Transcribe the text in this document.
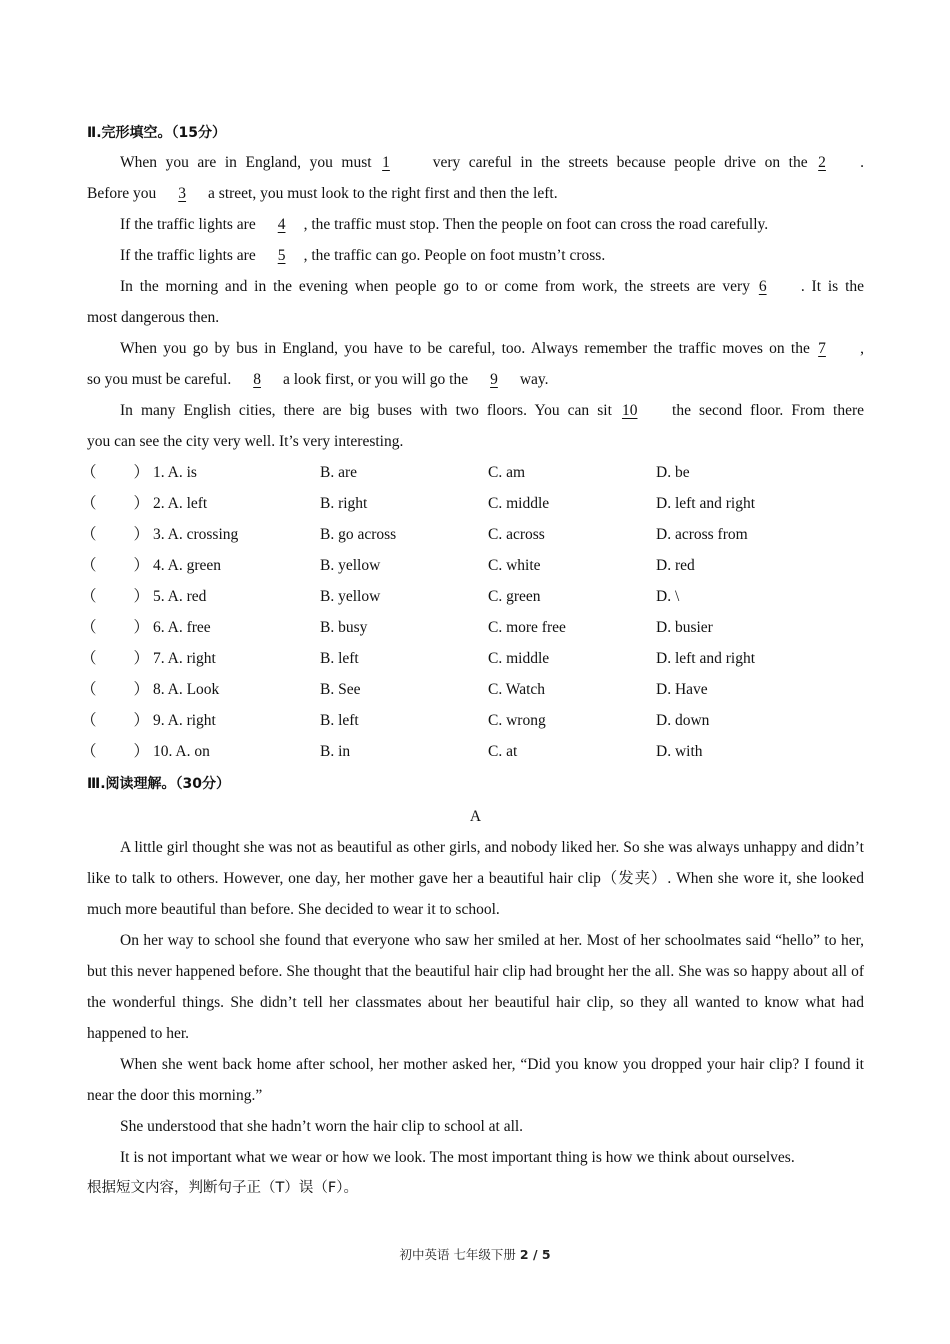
Ⅱ.完形填空。（15分）
When you are in England, you must 1	very careful in the streets because people drive on the 2 .
Before you 3 a street, you must look to the right first and then the left.
If the traffic lights are 4 , the traffic must stop. Then the people on foot can cross the road carefully.
If the traffic lights are 5 , the traffic can go. People on foot mustn’t cross.
In the morning and in the evening when people go to or come from work, the streets are very 6 . It is the
most dangerous then.
When you go by bus in England, you have to be careful, too. Always remember the traffic moves on the 7 ,
so you must be careful. 8 a look first, or you will go the 9 way.
In many English cities, there are big buses with two floors. You can sit 10 the second floor. From there
you can see the city very well. It’s very interesting.
（　　） 1. A. is	B. are	C. am	D. be
（　　） 2. A. left	B. right	C. middle	D. left and right
（　　） 3. A. crossing	B. go across	C. across	D. across from
（　　） 4. A. green	B. yellow	C. white	D. red
（　　） 5. A. red	B. yellow	C. green	D. \
（　　） 6. A. free	B. busy	C. more free	D. busier
（　　） 7. A. right	B. left	C. middle	D. left and right
（　　） 8. A. Look	B. See	C. Watch	D. Have
（　　） 9. A. right	B. left	C. wrong	D. down
（　　） 10. A. on	B. in	C. at	D. with
Ⅲ.阅读理解。（30分）
A
A little girl thought she was not as beautiful as other girls, and nobody liked her. So she was always unhappy and didn’t like to talk to others. However, one day, her mother gave her a beautiful hair clip（发夹）. When she wore it, she looked much more beautiful than before. She decided to wear it to school.
On her way to school she found that everyone who saw her smiled at her. Most of her schoolmates said “hello” to her, but this never happened before. She thought that the beautiful hair clip had brought her the all. She was so happy about all of the wonderful things. She didn’t tell her classmates about her beautiful hair clip, so they all wanted to know what had happened to her.
When she went back home after school, her mother asked her, “Did you know you dropped your hair clip? I found it near the door this morning.”
She understood that she hadn’t worn the hair clip to school at all.
It is not important what we wear or how we look. The most important thing is how we think about ourselves.
根据短文内容，判断句子正（T）误（F）。
初中英语 七年级下册 2 / 5
